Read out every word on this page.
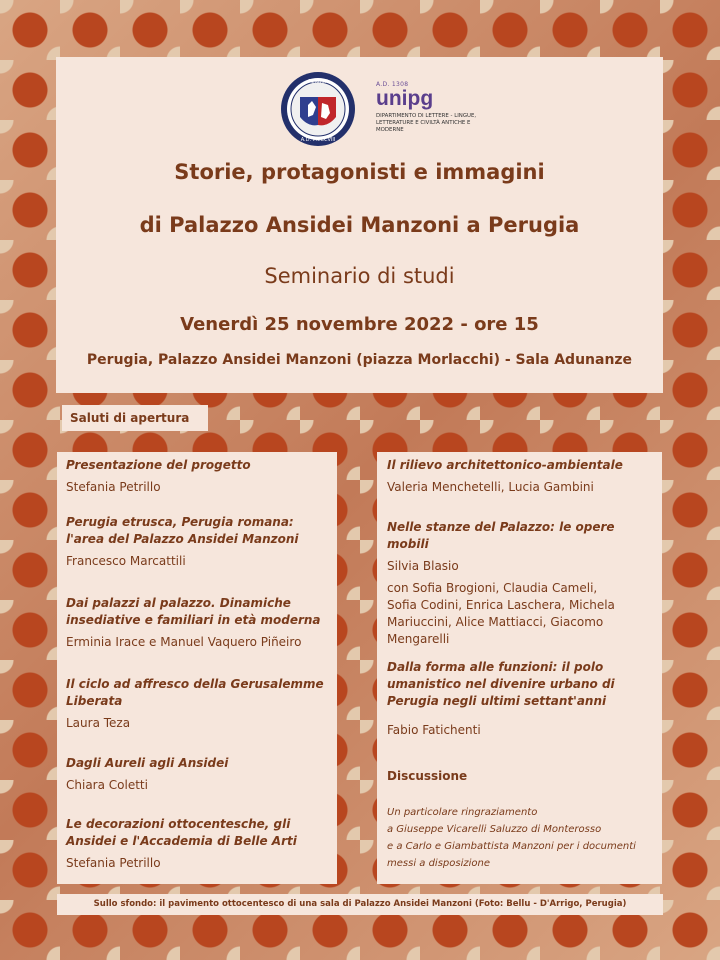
PERUSII
A.D. MCCCVIII
A.D. 1308
unipg
DIPARTIMENTO DI LETTERE - LINGUE, LETTERATURE E CIVILTÀ ANTICHE E MODERNE
Storie, protagonisti e immagini
di Palazzo Ansidei Manzoni a Perugia
Seminario di studi
Venerdì 25 novembre 2022 - ore 15
Perugia, Palazzo Ansidei Manzoni (piazza Morlacchi) - Sala Adunanze
Saluti di apertura
Presentazione del progetto
Stefania Petrillo
Perugia etrusca, Perugia romana: l'area del Palazzo Ansidei Manzoni
Francesco Marcattili
Dai palazzi al palazzo. Dinamiche insediative e familiari in età moderna
Erminia Irace e Manuel Vaquero Piñeiro
Il ciclo ad affresco della Gerusalemme Liberata
Laura Teza
Dagli Aureli agli Ansidei
Chiara Coletti
Le decorazioni ottocentesche, gli Ansidei e l'Accademia di Belle Arti
Stefania Petrillo
Il rilievo architettonico-ambientale
Valeria Menchetelli, Lucia Gambini
Nelle stanze del Palazzo: le opere mobili
Silvia Blasio
con Sofia Brogioni, Claudia Cameli, Sofia Codini, Enrica Laschera, Michela Mariuccini, Alice Mattiacci, Giacomo Mengarelli
Dalla forma alle funzioni: il polo umanistico nel divenire urbano di Perugia negli ultimi settant'anni
Fabio Fatichenti
Discussione
Un particolare ringraziamento
a Giuseppe Vicarelli Saluzzo di Monterosso
e a Carlo e Giambattista Manzoni per i documenti
messi a disposizione
Sullo sfondo: il pavimento ottocentesco di una sala di Palazzo Ansidei Manzoni (Foto: Bellu - D'Arrigo, Perugia)
